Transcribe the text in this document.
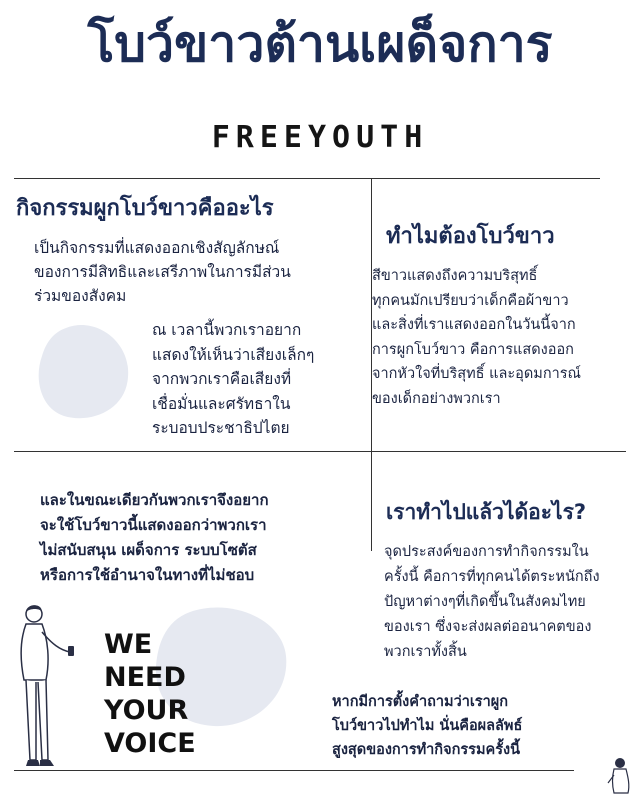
โบว์ขาวต้านเผด็จการ
FREEYOUTH
กิจกรรมผูกโบว์ขาวคืออะไร
เป็นกิจกรรมที่แสดงออกเชิงสัญลักษณ์
ของการมีสิทธิและเสรีภาพในการมีส่วน
ร่วมของสังคม
ณ เวลานี้พวกเราอยาก
แสดงให้เห็นว่าเสียงเล็กๆ
จากพวกเราคือเสียงที่
เชื่อมั่นและศรัทธาใน
ระบอบประชาธิปไตย
ทำไมต้องโบว์ขาว
สีขาวแสดงถึงความบริสุทธิ์
ทุกคนมักเปรียบว่าเด็กคือผ้าขาว
และสิ่งที่เราแสดงออกในวันนี้จาก
การผูกโบว์ขาว คือการแสดงออก
จากหัวใจที่บริสุทธิ์ และอุดมการณ์
ของเด็กอย่างพวกเรา
และในขณะเดียวกันพวกเราจึงอยาก
จะใช้โบว์ขาวนี้แสดงออกว่าพวกเรา
ไม่สนับสนุน เผด็จการ ระบบโซตัส
หรือการใช้อำนาจในทางที่ไม่ชอบ
เราทำไปแล้วได้อะไร?
จุดประสงค์ของการทำกิจกรรมใน
ครั้งนี้ คือการที่ทุกคนได้ตระหนักถึง
ปัญหาต่างๆที่เกิดขึ้นในสังคมไทย
ของเรา ซึ่งจะส่งผลต่ออนาคตของ
พวกเราทั้งสิ้น
WE
NEED
YOUR
VOICE
หากมีการตั้งคำถามว่าเราผูก
โบว์ขาวไปทำไม นั่นคือผลลัพธ์
สูงสุดของการทำกิจกรรมครั้งนี้
